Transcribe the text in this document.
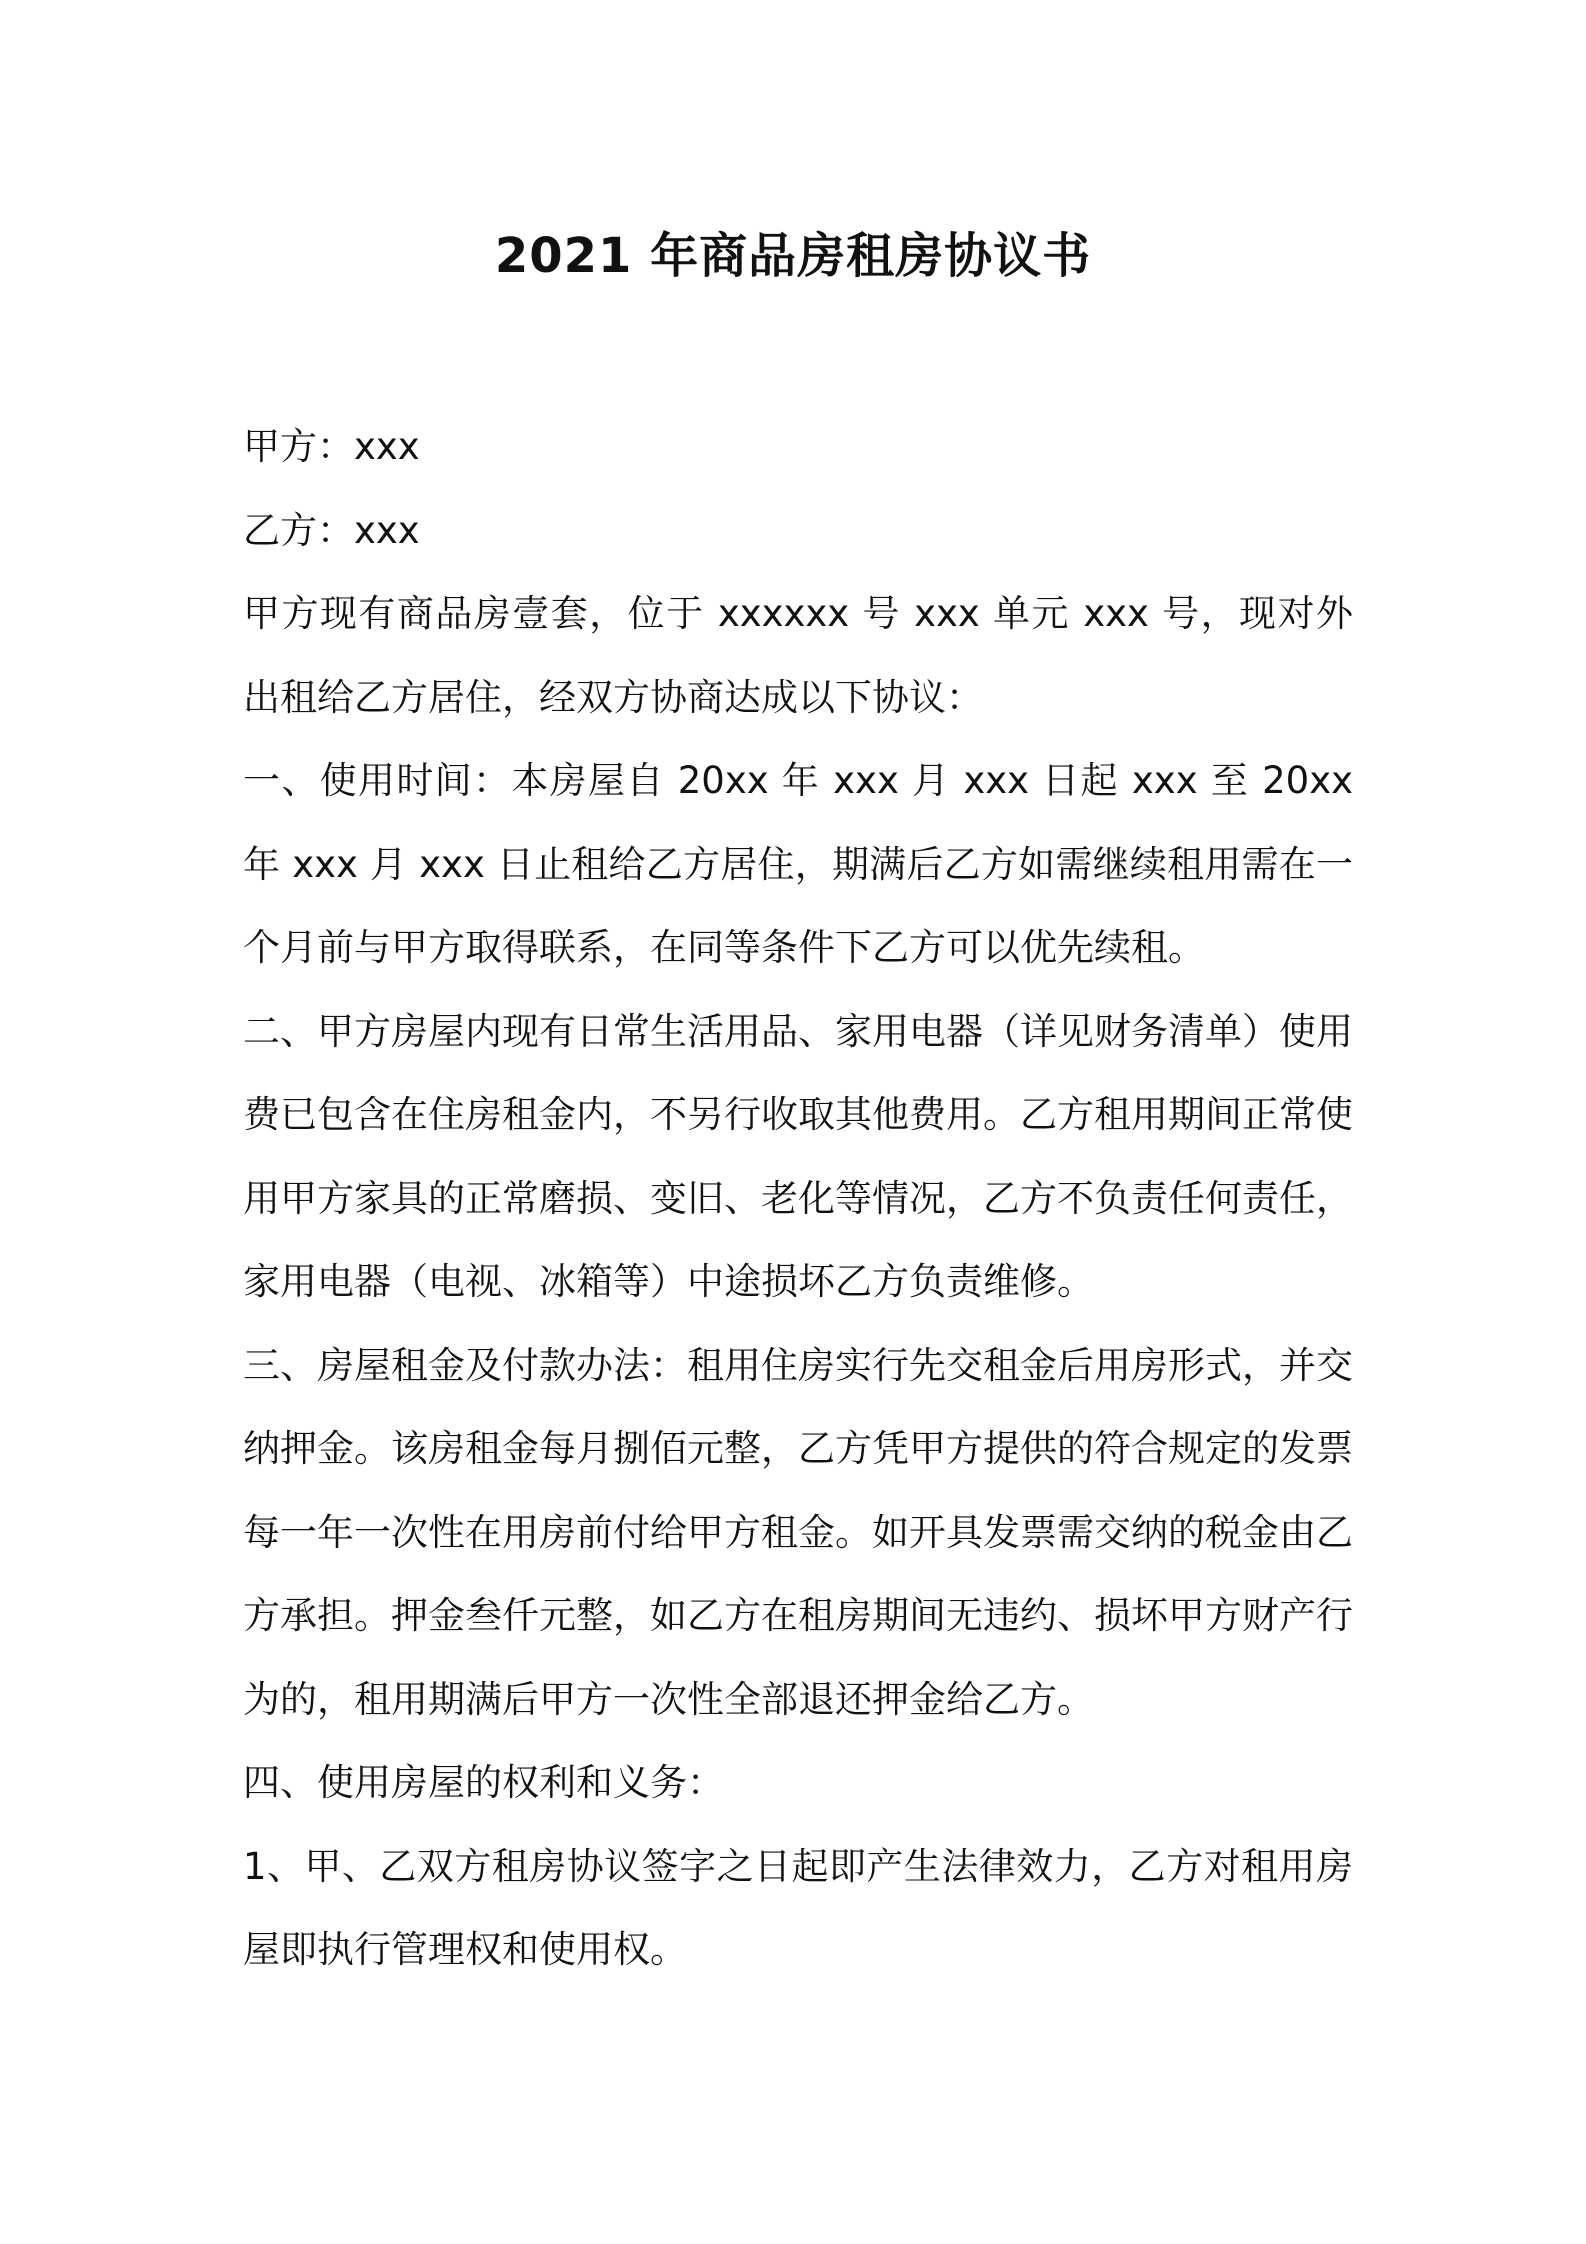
2021 年商品房租房协议书

甲方：xxx

乙方：xxx

甲方现有商品房壹套，位于 xxxxxx 号 xxx 单元 xxx 号，现对外出租给乙方居住，经双方协商达成以下协议：

一、使用时间：本房屋自 20xx 年 xxx 月 xxx 日起 xxx 至 20xx 年 xxx 月 xxx 日止租给乙方居住，期满后乙方如需继续租用需在一个月前与甲方取得联系，在同等条件下乙方可以优先续租。

二、甲方房屋内现有日常生活用品、家用电器（详见财务清单）使用费已包含在住房租金内，不另行收取其他费用。乙方租用期间正常使用甲方家具的正常磨损、变旧、老化等情况，乙方不负责任何责任，家用电器（电视、冰箱等）中途损坏乙方负责维修。

三、房屋租金及付款办法：租用住房实行先交租金后用房形式，并交纳押金。该房租金每月捌佰元整，乙方凭甲方提供的符合规定的发票每一年一次性在用房前付给甲方租金。如开具发票需交纳的税金由乙方承担。押金叁仟元整，如乙方在租房期间无违约、损坏甲方财产行为的，租用期满后甲方一次性全部退还押金给乙方。

四、使用房屋的权利和义务：

1、甲、乙双方租房协议签字之日起即产生法律效力，乙方对租用房屋即执行管理权和使用权。
